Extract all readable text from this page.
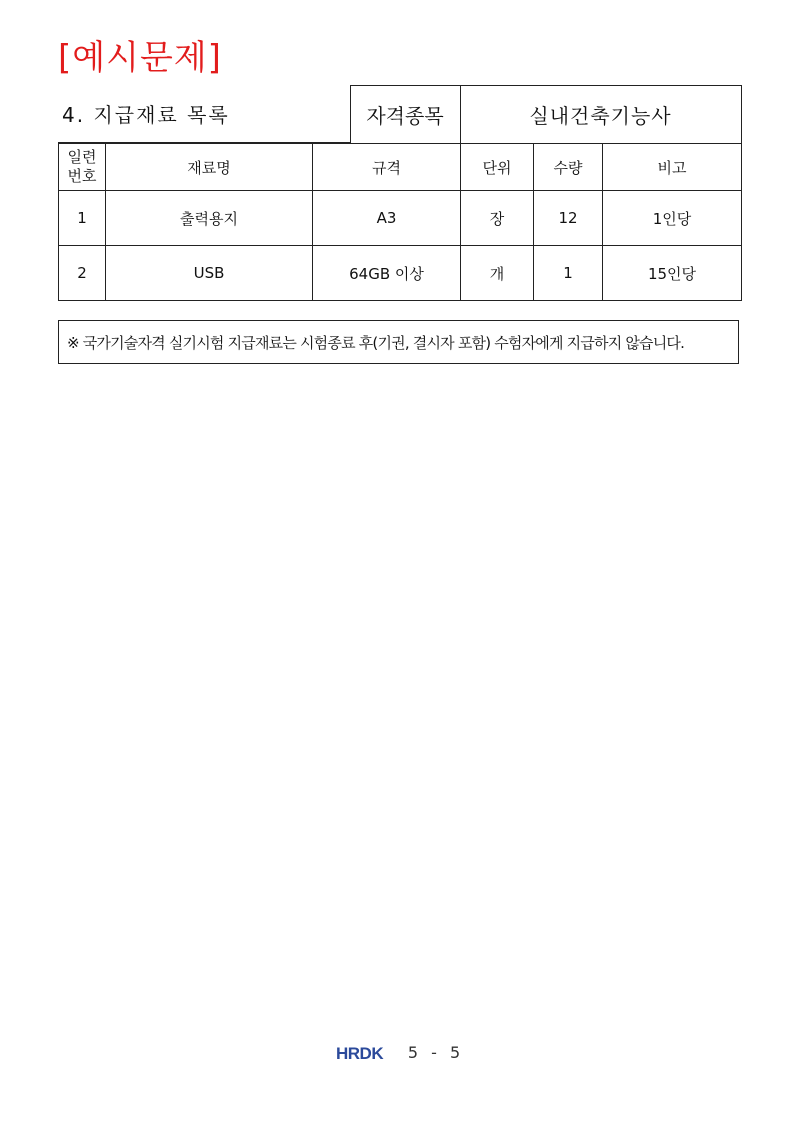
[예시문제]
4. 지급재료 목록	자격종목	실내건축기능사
일련
번호	재료명	규격	단위	수량	비고
1	출력용지	A3	장	12	1인당
2	USB	64GB 이상	개	1	15인당
※ 국가기술자격 실기시험 지급재료는 시험종료 후(기권, 결시자 포함) 수험자에게 지급하지 않습니다.
HRDK 5 - 5
